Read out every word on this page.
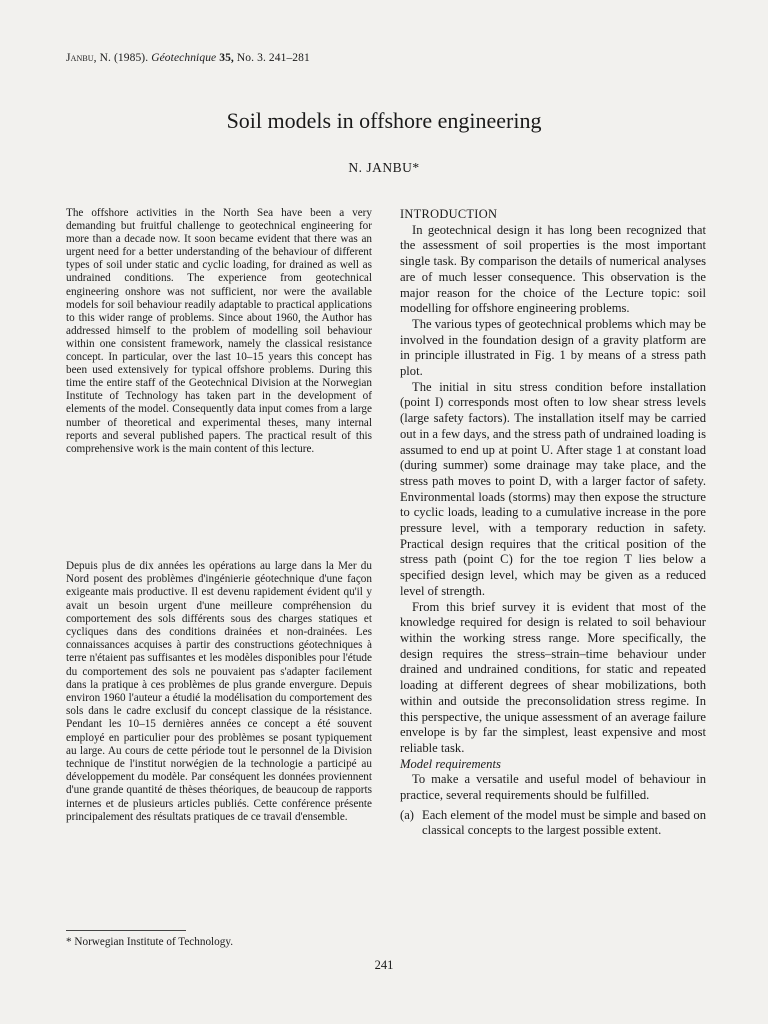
Janbu, N. (1985). Géotechnique 35, No. 3. 241–281
Soil models in offshore engineering
N. JANBU*
The offshore activities in the North Sea have been a very demanding but fruitful challenge to geotechnical engineering for more than a decade now. It soon became evident that there was an urgent need for a better understanding of the behaviour of different types of soil under static and cyclic loading, for drained as well as undrained conditions. The experience from geotechnical engineering onshore was not sufficient, nor were the available models for soil behaviour readily adaptable to practical applications to this wider range of problems. Since about 1960, the Author has addressed himself to the problem of modelling soil behaviour within one consistent framework, namely the classical resistance concept. In particular, over the last 10–15 years this concept has been used extensively for typical offshore problems. During this time the entire staff of the Geotechnical Division at the Norwegian Institute of Technology has taken part in the development of elements of the model. Consequently data input comes from a large number of theoretical and experimental theses, many internal reports and several published papers. The practical result of this comprehensive work is the main content of this lecture.
Depuis plus de dix années les opérations au large dans la Mer du Nord posent des problèmes d'ingénierie géotechnique d'une façon exigeante mais productive. Il est devenu rapidement évident qu'il y avait un besoin urgent d'une meilleure compréhension du comportement des sols différents sous des charges statiques et cycliques dans des conditions drainées et non-drainées. Les connaissances acquises à partir des constructions géotechniques à terre n'étaient pas suffisantes et les modèles disponibles pour l'étude du comportement des sols ne pouvaient pas s'adapter facilement dans la pratique à ces problèmes de plus grande envergure. Depuis environ 1960 l'auteur a étudié la modélisation du comportement des sols dans le cadre exclusif du concept classique de la résistance. Pendant les 10–15 dernières années ce concept a été souvent employé en particulier pour des problèmes se posant typiquement au large. Au cours de cette période tout le personnel de la Division technique de l'institut norwégien de la technologie a participé au développement du modèle. Par conséquent les données proviennent d'une grande quantité de thèses théoriques, de beaucoup de rapports internes et de plusieurs articles publiés. Cette conférence présente principalement des résultats pratiques de ce travail d'ensemble.
INTRODUCTION

In geotechnical design it has long been recognized that the assessment of soil properties is the most important single task. By comparison the details of numerical analyses are of much lesser consequence. This observation is the major reason for the choice of the Lecture topic: soil modelling for offshore engineering problems.

The various types of geotechnical problems which may be involved in the foundation design of a gravity platform are in principle illustrated in Fig. 1 by means of a stress path plot.

The initial in situ stress condition before installation (point I) corresponds most often to low shear stress levels (large safety factors). The installation itself may be carried out in a few days, and the stress path of undrained loading is assumed to end up at point U. After stage 1 at constant load (during summer) some drainage may take place, and the stress path moves to point D, with a larger factor of safety. Environmental loads (storms) may then expose the structure to cyclic loads, leading to a cumulative increase in the pore pressure level, with a temporary reduction in safety. Practical design requires that the critical position of the stress path (point C) for the toe region T lies below a specified design level, which may be given as a reduced level of strength.

From this brief survey it is evident that most of the knowledge required for design is related to soil behaviour within the working stress range. More specifically, the design requires the stress–strain–time behaviour under drained and undrained conditions, for static and repeated loading at different degrees of shear mobilizations, both within and outside the preconsolidation stress regime. In this perspective, the unique assessment of an average failure envelope is by far the simplest, least expensive and most reliable task.

Model requirements

To make a versatile and useful model of behaviour in practice, several requirements should be fulfilled.

(a) Each element of the model must be simple and based on classical concepts to the largest possible extent.
* Norwegian Institute of Technology.
241
